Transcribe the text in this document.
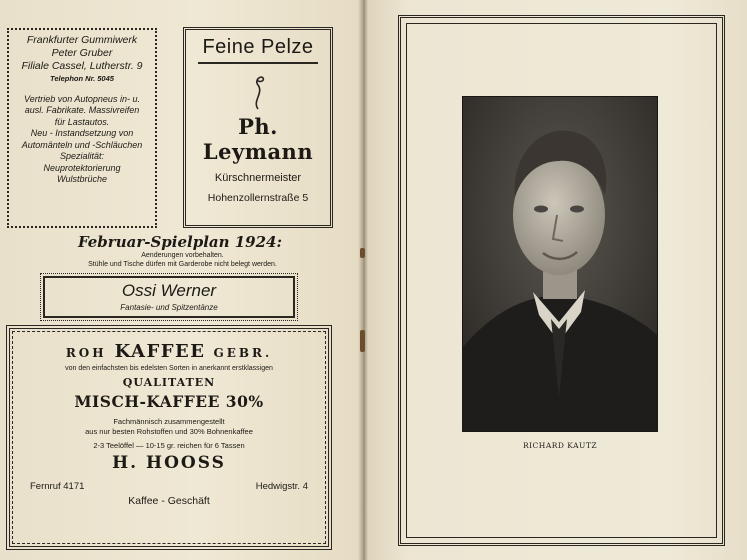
Frankfurter Gummiwerk
Peter Gruber
Filiale Cassel, Lutherstr. 9
Telephon Nr. 5045
Vertrieb von Autopneus in- u.
ausl. Fabrikate. Massivreifen
für Lastautos.
Neu - Instandsetzung von
Automänteln und -Schläuchen
Spezialität:
Neuprotektorierung
Wulstbrüche
Feine Pelze
Ph. Leymann
Kürschnermeister
Hohenzollernstraße 5
Februar-Spielplan 1924:
Aenderungen vorbehalten.
Stühle und Tische dürfen mit Garderobe nicht belegt werden.
Ossi Werner
Fantasie- und Spitzentänze
ROH KAFFEE GEBR.
von den einfachsten bis edelsten Sorten in anerkannt erstklassigen
QUALITATEN
MISCH-KAFFEE 30%
Fachmännisch zusammengestellt
aus nur besten Rohstoffen und 30% Bohnenkaffee
2-3 Teelöffel — 10-15 gr. reichen für 6 Tassen
H. HOOSS
Fernruf 4171	Hedwigstr. 4
Kaffee - Geschäft
RICHARD KAUTZ
